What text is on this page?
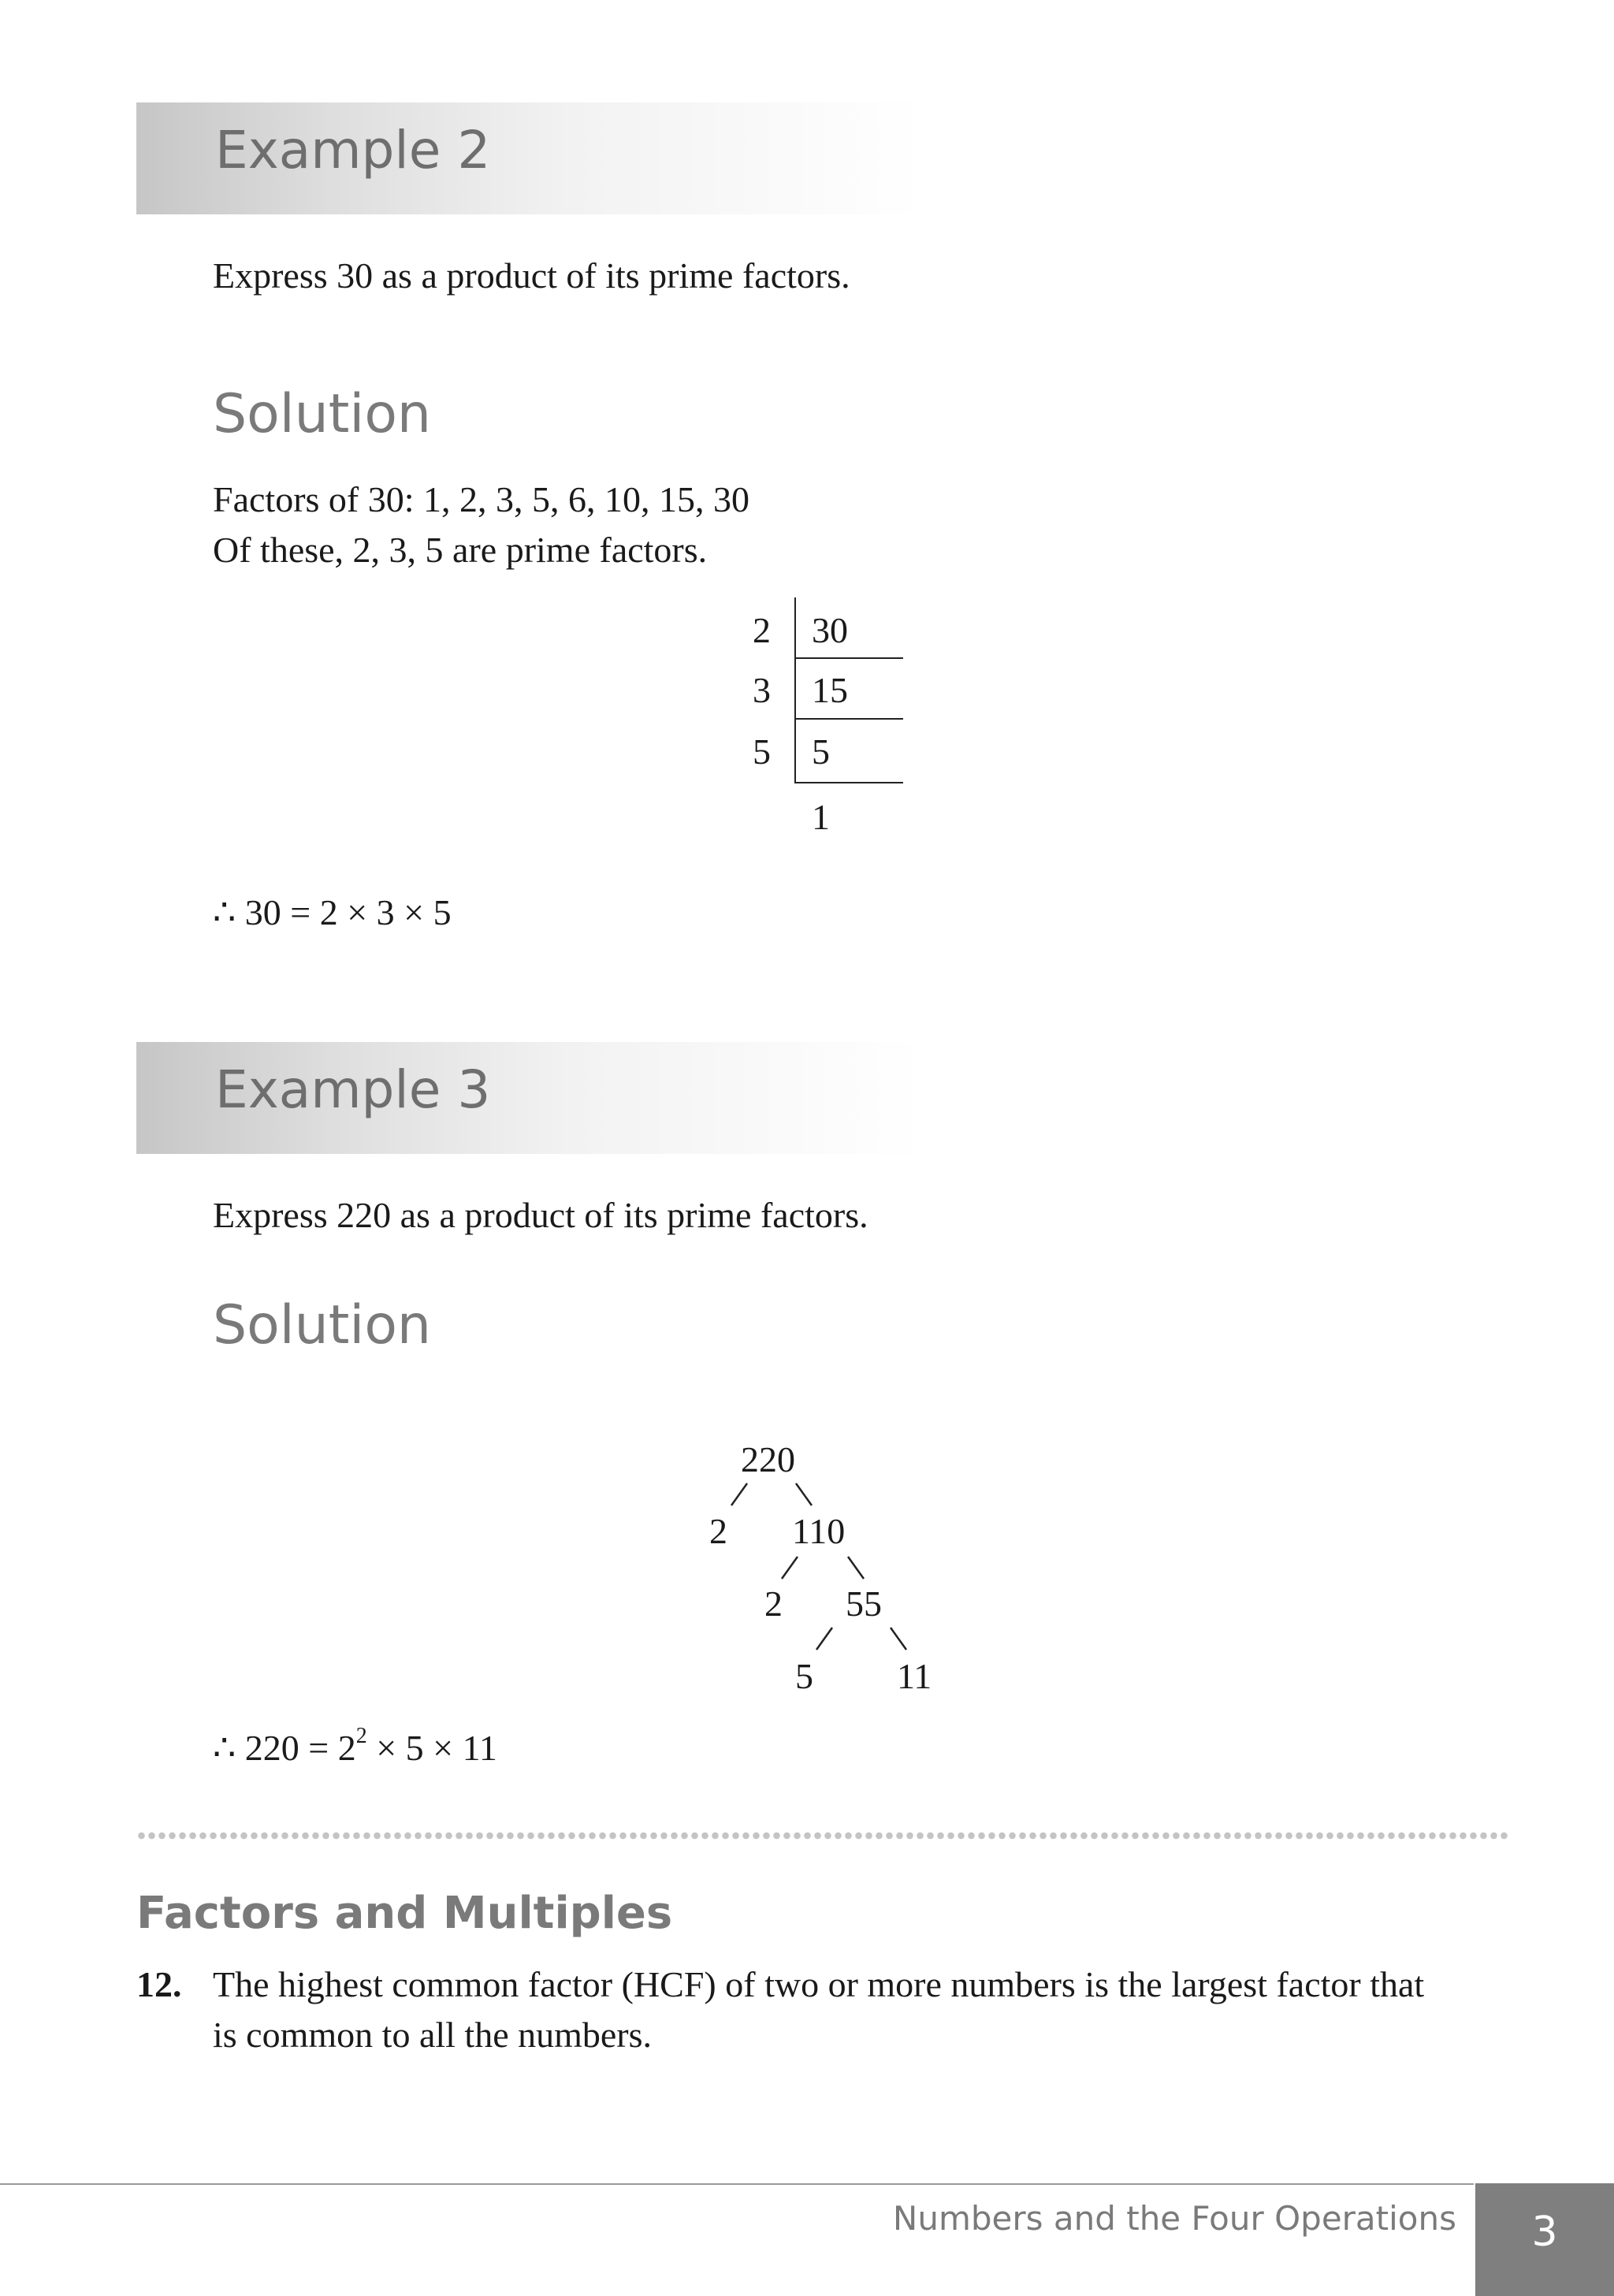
Example 2
Express 30 as a product of its prime factors.
Solution
Factors of 30: 1, 2, 3, 5, 6, 10, 15, 30
Of these, 2, 3, 5 are prime factors.
2
3
5
30
15
5
1
∴ 30 = 2 × 3 × 5
Example 3
Express 220 as a product of its prime factors.
Solution
220
2 110
2 55
5 11
∴ $220 = 2^2 \times 5 \times 11$
Factors and Multiples
12. The highest common factor (HCF) of two or more numbers is the largest factor that
is common to all the numbers.
Numbers and the Four Operations	3
